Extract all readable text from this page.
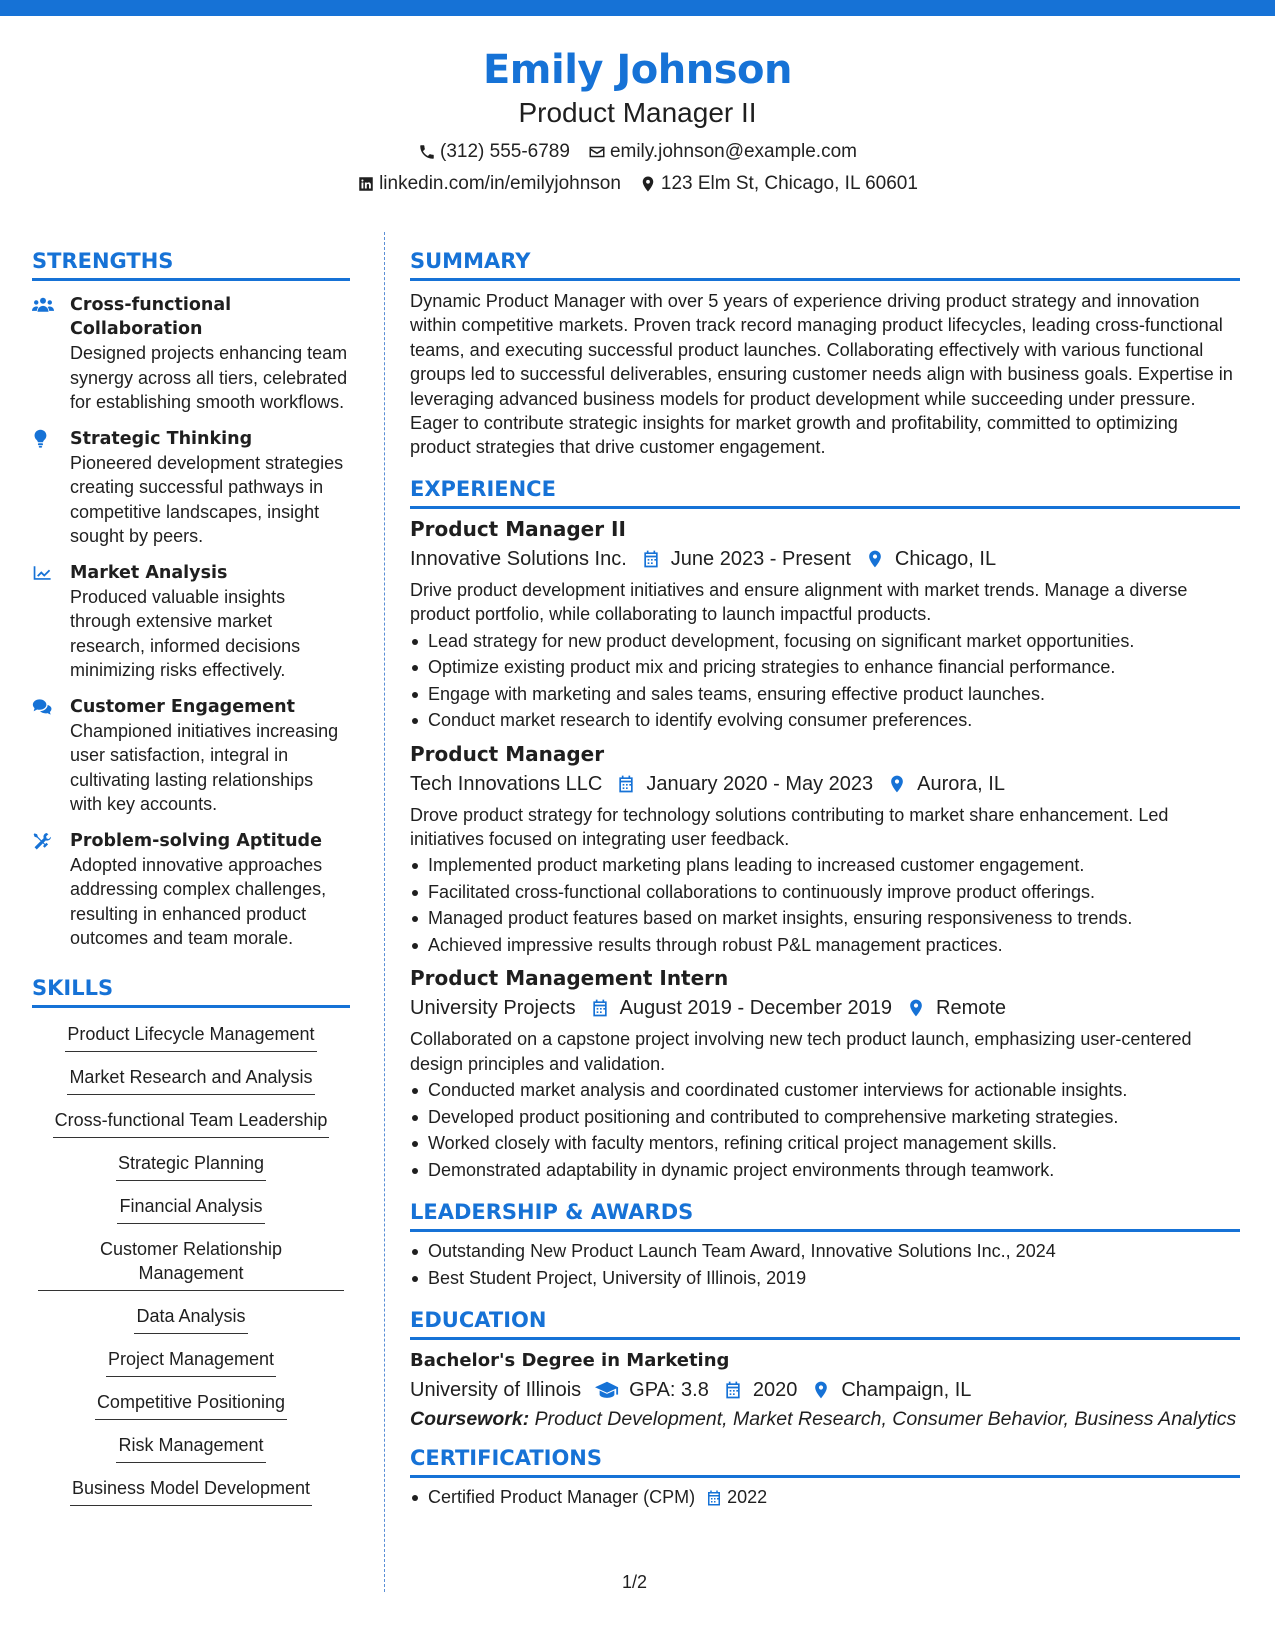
Emily Johnson
Product Manager II
(312) 555-6789 emily.johnson@example.com
linkedin.com/in/emilyjohnson 123 Elm St, Chicago, IL 60601
STRENGTHS
Cross-functional Collaboration
Designed projects enhancing team synergy across all tiers, celebrated for establishing smooth workflows.
Strategic Thinking
Pioneered development strategies creating successful pathways in competitive landscapes, insight sought by peers.
Market Analysis
Produced valuable insights through extensive market research, informed decisions minimizing risks effectively.
Customer Engagement
Championed initiatives increasing user satisfaction, integral in cultivating lasting relationships with key accounts.
Problem-solving Aptitude
Adopted innovative approaches addressing complex challenges, resulting in enhanced product outcomes and team morale.
SKILLS
Product Lifecycle Management
Market Research and Analysis
Cross-functional Team Leadership
Strategic Planning
Financial Analysis
Customer Relationship Management
Data Analysis
Project Management
Competitive Positioning
Risk Management
Business Model Development
SUMMARY

Dynamic Product Manager with over 5 years of experience driving product strategy and innovation within competitive markets. Proven track record managing product lifecycles, leading cross-functional teams, and executing successful product launches. Collaborating effectively with various functional groups led to successful deliverables, ensuring customer needs align with business goals. Expertise in leveraging advanced business models for product development while succeeding under pressure. Eager to contribute strategic insights for market growth and profitability, committed to optimizing product strategies that drive customer engagement.

EXPERIENCE
Product Manager II
Innovative Solutions Inc. June 2023 - Present Chicago, IL

Drive product development initiatives and ensure alignment with market trends. Manage a diverse product portfolio, while collaborating to launch impactful products.

Lead strategy for new product development, focusing on significant market opportunities.
Optimize existing product mix and pricing strategies to enhance financial performance.
Engage with marketing and sales teams, ensuring effective product launches.
Conduct market research to identify evolving consumer preferences.
Product Manager
Tech Innovations LLC January 2020 - May 2023 Aurora, IL

Drove product strategy for technology solutions contributing to market share enhancement. Led initiatives focused on integrating user feedback.

Implemented product marketing plans leading to increased customer engagement.
Facilitated cross-functional collaborations to continuously improve product offerings.
Managed product features based on market insights, ensuring responsiveness to trends.
Achieved impressive results through robust P&L management practices.
Product Management Intern
University Projects August 2019 - December 2019 Remote

Collaborated on a capstone project involving new tech product launch, emphasizing user-centered design principles and validation.

Conducted market analysis and coordinated customer interviews for actionable insights.
Developed product positioning and contributed to comprehensive marketing strategies.
Worked closely with faculty mentors, refining critical project management skills.
Demonstrated adaptability in dynamic project environments through teamwork.
LEADERSHIP & AWARDS
Outstanding New Product Launch Team Award, Innovative Solutions Inc., 2024
Best Student Project, University of Illinois, 2019
EDUCATION
Bachelor's Degree in Marketing
University of Illinois GPA: 3.8 2020 Champaign, IL

Coursework: Product Development, Market Research, Consumer Behavior, Business Analytics

CERTIFICATIONS
Certified Product Manager (CPM) 2022
1/2
